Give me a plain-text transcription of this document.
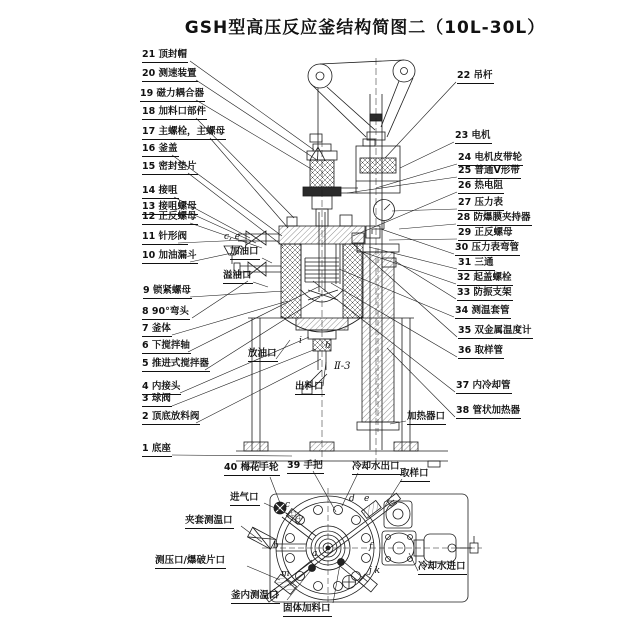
GSH型高压反应釜结构简图二（10L-30L）
21 顶封帽
20 测速装置
19 磁力耦合器
18 加料口部件
17 主螺栓，主螺母
16 釜盖
15 密封垫片
14 接咀
13 接咀螺母
12 正反螺母
11 针形阀
10 加油漏斗
9 锁紧螺母
8 90°弯头
7 釜体
6 下搅拌轴
5 推进式搅拌器
4 内接头
3 球阀
2 顶底放料阀
1 底座
22 吊杆
23 电机
24 电机皮带轮
25 普通V形带
26 热电阻
27 压力表
28 防爆膜夹持器
29 正反螺母
30 压力表弯管
31 三通
32 起盖螺栓
33 防振支架
34 测温套管
35 双金属温度计
36 取样管
37 内冷却管
38 管状加热器
加油口
溢油口
放油口
出料口
加热器口
c, e
i	h
Ⅱ-3
40 梅花手轮 39 手把	冷却水出口
取样口
进气口
夹套测温口
测压口/爆破片口
釜内测温口
固体加料口
冷却水进口
c
d e
b	f
a
m	j k
